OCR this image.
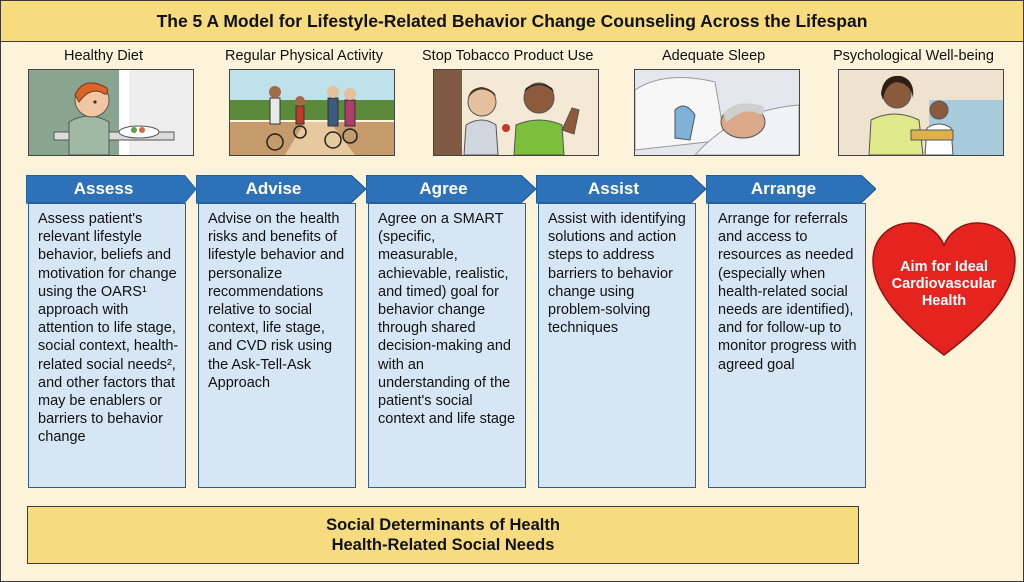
The 5 A Model for Lifestyle-Related Behavior Change Counseling Across the Lifespan
Healthy Diet	Regular Physical Activity	Stop Tobacco Product Use	Adequate Sleep	Psychological Well-being
Assess
Assess patient's relevant lifestyle behavior, beliefs and motivation for change using the OARS¹ approach with attention to life stage, social context, health-related social needs², and other factors that may be enablers or barriers to behavior change
Advise
Advise on the health risks and benefits of lifestyle behavior and personalize recommendations relative to social context, life stage, and CVD risk using the Ask-Tell-Ask Approach
Agree
Agree on a SMART (specific, measurable, achievable, realistic, and timed) goal for behavior change through shared decision-making and with an understanding of the patient's social context and life stage
Assist
Assist with identifying solutions and action steps to address barriers to behavior change using problem-solving techniques
Arrange
Arrange for referrals and access to resources as needed (especially when health-related social needs are identified), and for follow-up to monitor progress with agreed goal
Aim for Ideal
Cardiovascular
Health
Social Determinants of Health
Health-Related Social Needs
